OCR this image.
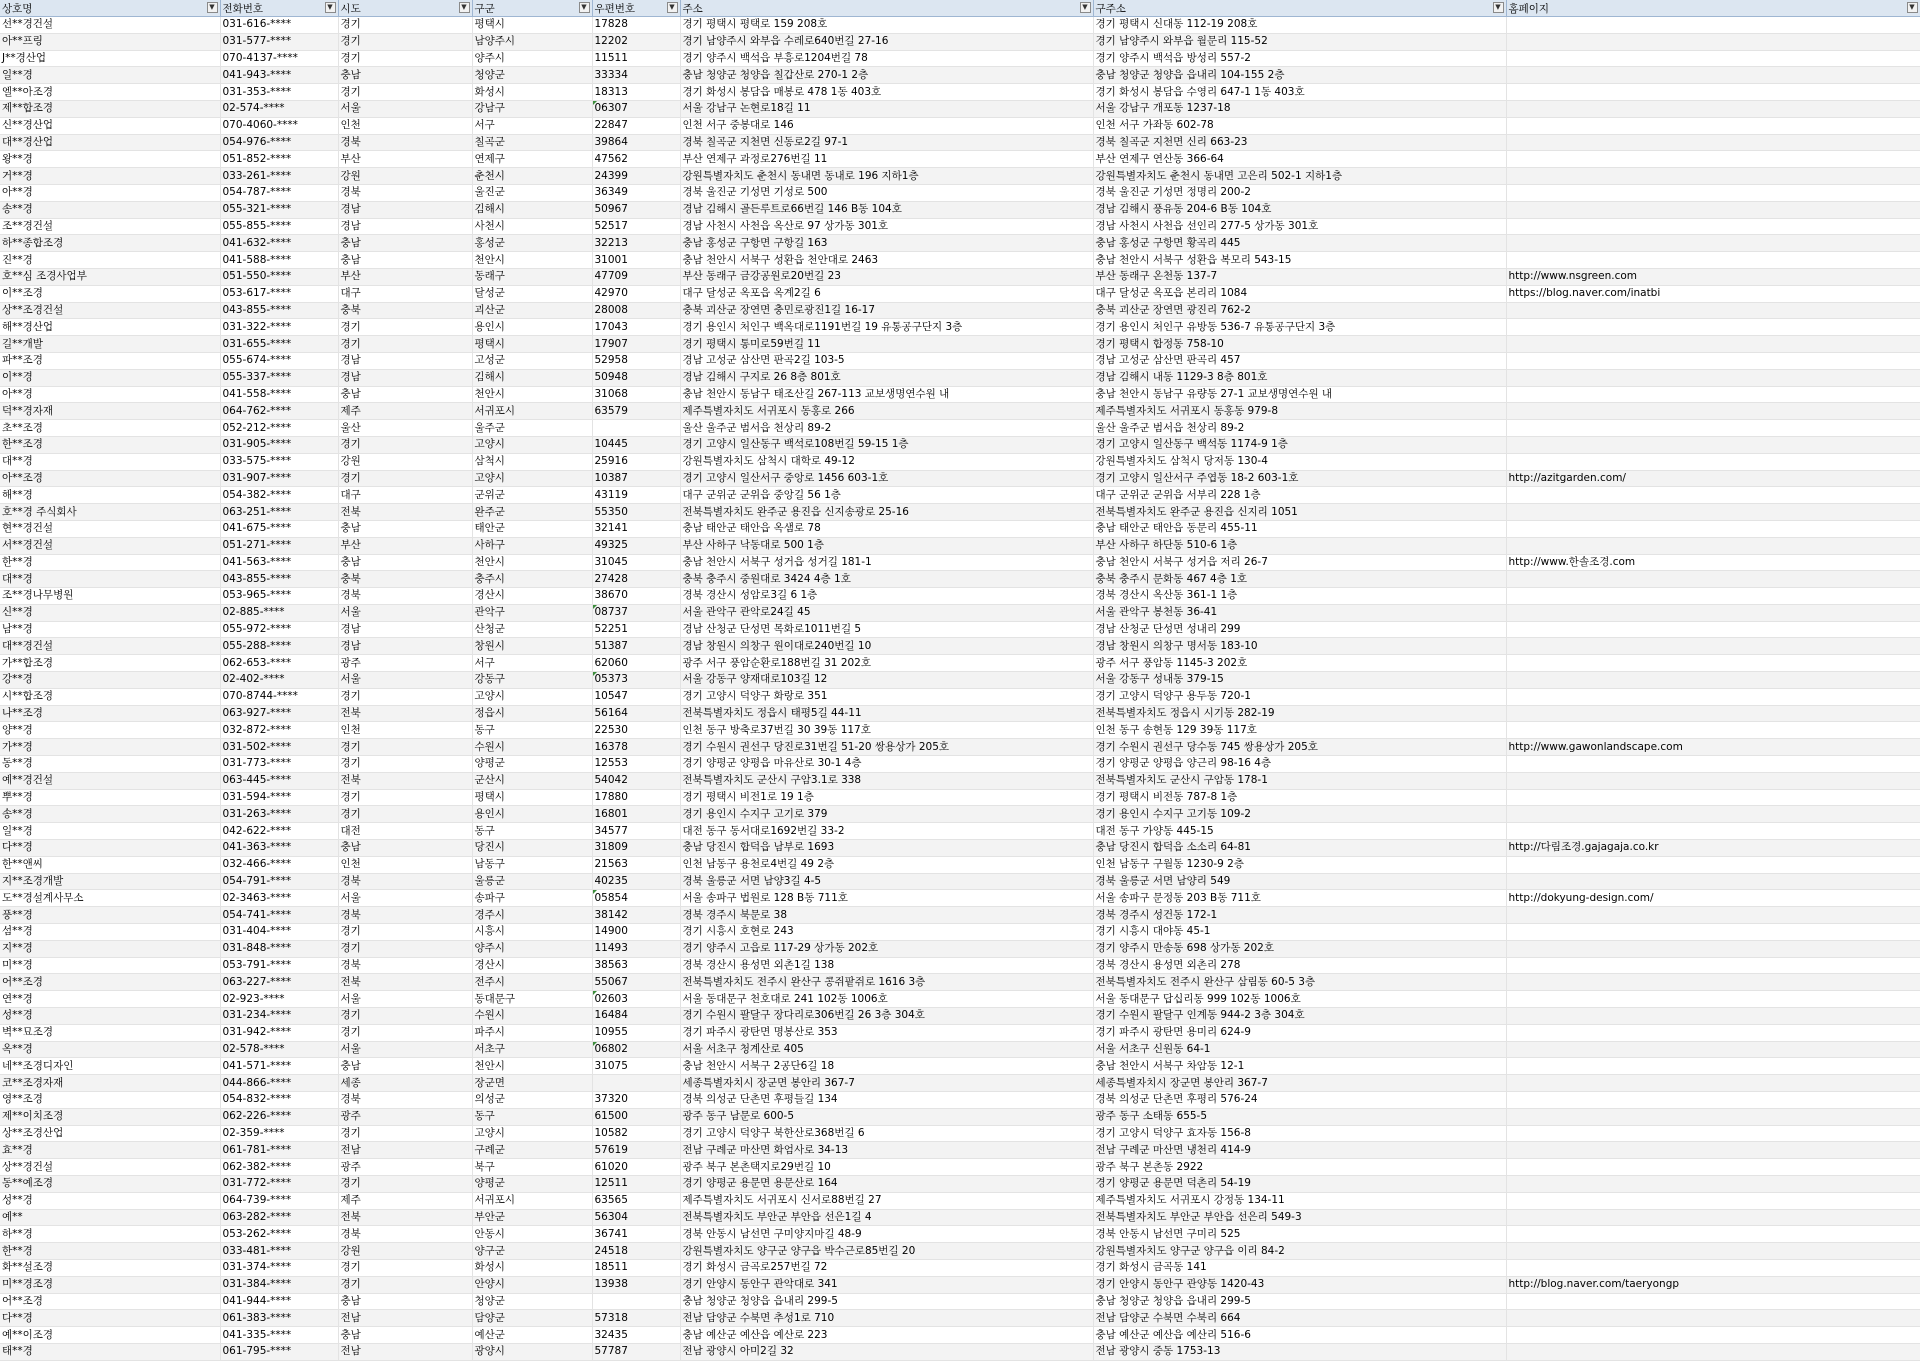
상호명 ▼	전화번호 ▼	시도 ▼	구군 ▼	우편번호 ▼	주소 ▼	구주소 ▼	홈페이지 ▼

선**경건설	031-616-****	경기	평택시	17828	경기 평택시 평택로 159 208호	경기 평택시 신대동 112-19 208호	
아**프링	031-577-****	경기	남양주시	12202	경기 남양주시 와부읍 수레로640번길 27-16	경기 남양주시 와부읍 월문리 115-52	
J**경산업	070-4137-****	경기	양주시	11511	경기 양주시 백석읍 부흥로1204번길 78	경기 양주시 백석읍 방성리 557-2	
일**경	041-943-****	충남	청양군	33334	충남 청양군 청양읍 칠갑산로 270-1 2층	충남 청양군 청양읍 읍내리 104-155 2층	
엘**아조경	031-353-****	경기	화성시	18313	경기 화성시 봉담읍 매봉로 478 1동 403호	경기 화성시 봉담읍 수영리 647-1 1동 403호	
제**합조경	02-574-****	서울	강남구	06307	서울 강남구 논현로18길 11	서울 강남구 개포동 1237-18	
신**경산업	070-4060-****	인천	서구	22847	인천 서구 중봉대로 146	인천 서구 가좌동 602-78	
대**경산업	054-976-****	경북	칠곡군	39864	경북 칠곡군 지천면 신동로2길 97-1	경북 칠곡군 지천면 신리 663-23	
왕**경	051-852-****	부산	연제구	47562	부산 연제구 과정로276번길 11	부산 연제구 연산동 366-64	
거**경	033-261-****	강원	춘천시	24399	강원특별자치도 춘천시 동내면 동내로 196 지하1층	강원특별자치도 춘천시 동내면 고은리 502-1 지하1층	
아**경	054-787-****	경북	울진군	36349	경북 울진군 기성면 기성로 500	경북 울진군 기성면 정명리 200-2	
송**경	055-321-****	경남	김해시	50967	경남 김해시 골든루트로66번길 146 B동 104호	경남 김해시 풍유동 204-6 B동 104호	
조**경건설	055-855-****	경남	사천시	52517	경남 사천시 사천읍 옥산로 97 상가동 301호	경남 사천시 사천읍 선인리 277-5 상가동 301호	
하**종합조경	041-632-****	충남	홍성군	32213	충남 홍성군 구항면 구항길 163	충남 홍성군 구항면 황곡리 445	
진**경	041-588-****	충남	천안시	31001	충남 천안시 서북구 성환읍 천안대로 2463	충남 천안시 서북구 성환읍 복모리 543-15	
호**심 조경사업부	051-550-****	부산	동래구	47709	부산 동래구 금강공원로20번길 23	부산 동래구 온천동 137-7	http://www.nsgreen.com
이**조경	053-617-****	대구	달성군	42970	대구 달성군 옥포읍 옥계2길 6	대구 달성군 옥포읍 본리리 1084	https://blog.naver.com/inatbi
상**조경건설	043-855-****	충북	괴산군	28008	충북 괴산군 장연면 충민로광진1길 16-17	충북 괴산군 장연면 광진리 762-2	
해**경산업	031-322-****	경기	용인시	17043	경기 용인시 처인구 백옥대로1191번길 19 유통공구단지 3층	경기 용인시 처인구 유방동 536-7 유통공구단지 3층	
길**개발	031-655-****	경기	평택시	17907	경기 평택시 통미로59번길 11	경기 평택시 합정동 758-10	
파**조경	055-674-****	경남	고성군	52958	경남 고성군 삼산면 판곡2길 103-5	경남 고성군 삼산면 판곡리 457	
이**경	055-337-****	경남	김해시	50948	경남 김해시 구지로 26 8층 801호	경남 김해시 내동 1129-3 8층 801호	
아**경	041-558-****	충남	천안시	31068	충남 천안시 동남구 태조산길 267-113 교보생명연수원 내	충남 천안시 동남구 유량동 27-1 교보생명연수원 내	
덕**경자재	064-762-****	제주	서귀포시	63579	제주특별자치도 서귀포시 동홍로 266	제주특별자치도 서귀포시 동홍동 979-8	
초**조경	052-212-****	울산	울주군		울산 울주군 범서읍 천상리 89-2	울산 울주군 범서읍 천상리 89-2	
한**조경	031-905-****	경기	고양시	10445	경기 고양시 일산동구 백석로108번길 59-15 1층	경기 고양시 일산동구 백석동 1174-9 1층	
대**경	033-575-****	강원	삼척시	25916	강원특별자치도 삼척시 대학로 49-12	강원특별자치도 삼척시 당저동 130-4	
아**조경	031-907-****	경기	고양시	10387	경기 고양시 일산서구 중앙로 1456 603-1호	경기 고양시 일산서구 주엽동 18-2 603-1호	http://azitgarden.com/
해**경	054-382-****	대구	군위군	43119	대구 군위군 군위읍 중앙길 56 1층	대구 군위군 군위읍 서부리 228 1층	
호**경 주식회사	063-251-****	전북	완주군	55350	전북특별자치도 완주군 용진읍 신지송광로 25-16	전북특별자치도 완주군 용진읍 신지리 1051	
현**경건설	041-675-****	충남	태안군	32141	충남 태안군 태안읍 옥샘로 78	충남 태안군 태안읍 동문리 455-11	
서**경건설	051-271-****	부산	사하구	49325	부산 사하구 낙동대로 500 1층	부산 사하구 하단동 510-6 1층	
한**경	041-563-****	충남	천안시	31045	충남 천안시 서북구 성거읍 성거길 181-1	충남 천안시 서북구 성거읍 저리 26-7	http://www.한솔조경.com
대**경	043-855-****	충북	충주시	27428	충북 충주시 중원대로 3424 4층 1호	충북 충주시 문화동 467 4층 1호	
조**경나무병원	053-965-****	경북	경산시	38670	경북 경산시 성암로3길 6 1층	경북 경산시 옥산동 361-1 1층	
신**경	02-885-****	서울	관악구	08737	서울 관악구 관악로24길 45	서울 관악구 봉천동 36-41	
남**경	055-972-****	경남	산청군	52251	경남 산청군 단성면 목화로1011번길 5	경남 산청군 단성면 성내리 299	
대**경건설	055-288-****	경남	창원시	51387	경남 창원시 의창구 원이대로240번길 10	경남 창원시 의창구 명서동 183-10	
가**합조경	062-653-****	광주	서구	62060	광주 서구 풍암순환로188번길 31 202호	광주 서구 풍암동 1145-3 202호	
강**경	02-402-****	서울	강동구	05373	서울 강동구 양재대로103길 12	서울 강동구 성내동 379-15	
시**합조경	070-8744-****	경기	고양시	10547	경기 고양시 덕양구 화랑로 351	경기 고양시 덕양구 용두동 720-1	
나**조경	063-927-****	전북	정읍시	56164	전북특별자치도 정읍시 태평5길 44-11	전북특별자치도 정읍시 시기동 282-19	
양**경	032-872-****	인천	동구	22530	인천 동구 방축로37번길 30 39동 117호	인천 동구 송현동 129 39동 117호	
가**경	031-502-****	경기	수원시	16378	경기 수원시 권선구 당진로31번길 51-20 쌍용상가 205호	경기 수원시 권선구 당수동 745 쌍용상가 205호	http://www.gawonlandscape.com
동**경	031-773-****	경기	양평군	12553	경기 양평군 양평읍 마유산로 30-1 4층	경기 양평군 양평읍 양근리 98-16 4층	
예**경건설	063-445-****	전북	군산시	54042	전북특별자치도 군산시 구암3.1로 338	전북특별자치도 군산시 구암동 178-1	
뿌**경	031-594-****	경기	평택시	17880	경기 평택시 비전1로 19 1층	경기 평택시 비전동 787-8 1층	
송**경	031-263-****	경기	용인시	16801	경기 용인시 수지구 고기로 379	경기 용인시 수지구 고기동 109-2	
일**경	042-622-****	대전	동구	34577	대전 동구 동서대로1692번길 33-2	대전 동구 가양동 445-15	
다**경	041-363-****	충남	당진시	31809	충남 당진시 합덕읍 남부로 1693	충남 당진시 합덕읍 소소리 64-81	http://다림조경.gajagaja.co.kr
한**앤씨	032-466-****	인천	남동구	21563	인천 남동구 용천로4번길 49 2층	인천 남동구 구월동 1230-9 2층	
지**조경개발	054-791-****	경북	울릉군	40235	경북 울릉군 서면 남양3길 4-5	경북 울릉군 서면 남양리 549	
도**경설계사무소	02-3463-****	서울	송파구	05854	서울 송파구 법원로 128 B동 711호	서울 송파구 문정동 203 B동 711호	http://dokyung-design.com/
풍**경	054-741-****	경북	경주시	38142	경북 경주시 북문로 38	경북 경주시 성건동 172-1	
섬**경	031-404-****	경기	시흥시	14900	경기 시흥시 호현로 243	경기 시흥시 대야동 45-1	
지**경	031-848-****	경기	양주시	11493	경기 양주시 고읍로 117-29 상가동 202호	경기 양주시 만송동 698 상가동 202호	
미**경	053-791-****	경북	경산시	38563	경북 경산시 용성면 외촌1길 138	경북 경산시 용성면 외촌리 278	
어**조경	063-227-****	전북	전주시	55067	전북특별자치도 전주시 완산구 콩쥐팥쥐로 1616 3층	전북특별자치도 전주시 완산구 삼림동 60-5 3층	
연**경	02-923-****	서울	동대문구	02603	서울 동대문구 천호대로 241 102동 1006호	서울 동대문구 답십리동 999 102동 1006호	
성**경	031-234-****	경기	수원시	16484	경기 수원시 팔달구 장다리로306번길 26 3층 304호	경기 수원시 팔달구 인계동 944-2 3층 304호	
벽**묘조경	031-942-****	경기	파주시	10955	경기 파주시 광탄면 명봉산로 353	경기 파주시 광탄면 용미리 624-9	
옥**경	02-578-****	서울	서초구	06802	서울 서초구 청계산로 405	서울 서초구 신원동 64-1	
네**조경디자인	041-571-****	충남	천안시	31075	충남 천안시 서북구 2공단6길 18	충남 천안시 서북구 차암동 12-1	
코**조경자재	044-866-****	세종	장군면		세종특별자치시 장군면 봉안리 367-7	세종특별자치시 장군면 봉안리 367-7	
영**조경	054-832-****	경북	의성군	37320	경북 의성군 단촌면 후평들길 134	경북 의성군 단촌면 후평리 576-24	
제**이치조경	062-226-****	광주	동구	61500	광주 동구 남문로 600-5	광주 동구 소태동 655-5	
상**조경산업	02-359-****	경기	고양시	10582	경기 고양시 덕양구 북한산로368번길 6	경기 고양시 덕양구 효자동 156-8	
효**경	061-781-****	전남	구례군	57619	전남 구례군 마산면 화엄사로 34-13	전남 구례군 마산면 냉천리 414-9	
상**경건설	062-382-****	광주	북구	61020	광주 북구 본촌택지로29번길 10	광주 북구 본촌동 2922	
동**예조경	031-772-****	경기	양평군	12511	경기 양평군 용문면 용문산로 164	경기 양평군 용문면 덕촌리 54-19	
성**경	064-739-****	제주	서귀포시	63565	제주특별자치도 서귀포시 신서로88번길 27	제주특별자치도 서귀포시 강정동 134-11	
예**	063-282-****	전북	부안군	56304	전북특별자치도 부안군 부안읍 선은1길 4	전북특별자치도 부안군 부안읍 선은리 549-3	
하**경	053-262-****	경북	안동시	36741	경북 안동시 남선면 구미양지마길 48-9	경북 안동시 남선면 구미리 525	
한**경	033-481-****	강원	양구군	24518	강원특별자치도 양구군 양구읍 박수근로85번길 20	강원특별자치도 양구군 양구읍 이리 84-2	
화**설조경	031-374-****	경기	화성시	18511	경기 화성시 금곡로257번길 72	경기 화성시 금곡동 141	
미**경조경	031-384-****	경기	안양시	13938	경기 안양시 동안구 관악대로 341	경기 안양시 동안구 관양동 1420-43	http://blog.naver.com/taeryongp
어**조경	041-944-****	충남	청양군		충남 청양군 청양읍 읍내리 299-5	충남 청양군 청양읍 읍내리 299-5	
다**경	061-383-****	전남	담양군	57318	전남 담양군 수북면 추성1로 710	전남 담양군 수북면 수북리 664	
예**이조경	041-335-****	충남	예산군	32435	충남 예산군 예산읍 예산로 223	충남 예산군 예산읍 예산리 516-6	
태**경	061-795-****	전남	광양시	57787	전남 광양시 아미2길 32	전남 광양시 중동 1753-13	
